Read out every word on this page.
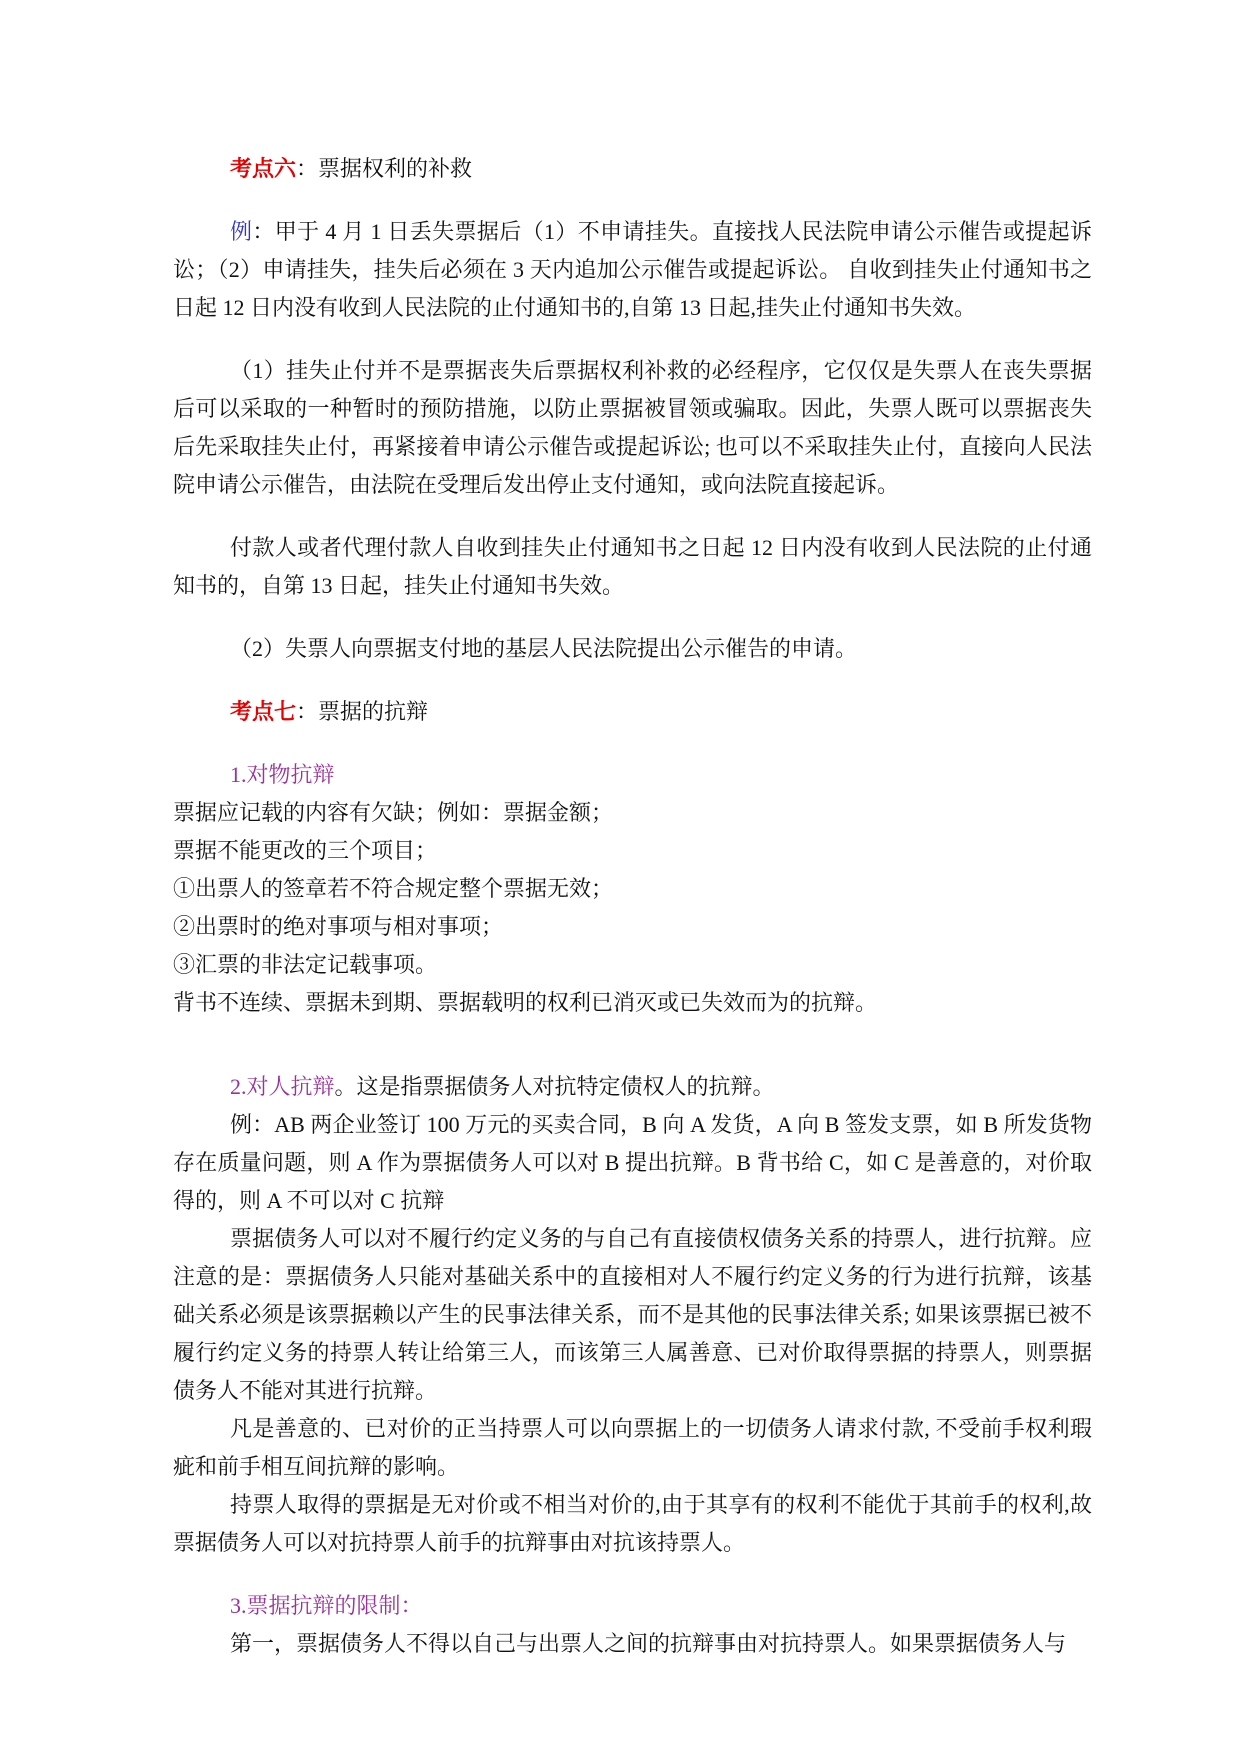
考点六：票据权利的补救

例：甲于 4 月 1 日丢失票据后（1）不申请挂失。直接找人民法院申请公示催告或提起诉讼；（2）申请挂失，挂失后必须在 3 天内追加公示催告或提起诉讼。 自收到挂失止付通知书之日起 12 日内没有收到人民法院的止付通知书的,自第 13 日起,挂失止付通知书失效。

（1）挂失止付并不是票据丧失后票据权利补救的必经程序，它仅仅是失票人在丧失票据后可以采取的一种暂时的预防措施，以防止票据被冒领或骗取。因此，失票人既可以票据丧失后先采取挂失止付，再紧接着申请公示催告或提起诉讼; 也可以不采取挂失止付，直接向人民法院申请公示催告，由法院在受理后发出停止支付通知，或向法院直接起诉。

付款人或者代理付款人自收到挂失止付通知书之日起 12 日内没有收到人民法院的止付通知书的，自第 13 日起，挂失止付通知书失效。

（2）失票人向票据支付地的基层人民法院提出公示催告的申请。

考点七：票据的抗辩

1.对物抗辩

票据应记载的内容有欠缺；例如：票据金额；

票据不能更改的三个项目；

①出票人的签章若不符合规定整个票据无效；

②出票时的绝对事项与相对事项；

③汇票的非法定记载事项。

背书不连续、票据未到期、票据载明的权利已消灭或已失效而为的抗辩。

2.对人抗辩。这是指票据债务人对抗特定债权人的抗辩。

例：AB 两企业签订 100 万元的买卖合同，B 向 A 发货，A 向 B 签发支票，如 B 所发货物存在质量问题，则 A 作为票据债务人可以对 B 提出抗辩。B 背书给 C，如 C 是善意的，对价取得的，则 A 不可以对 C 抗辩

票据债务人可以对不履行约定义务的与自己有直接债权债务关系的持票人，进行抗辩。应注意的是：票据债务人只能对基础关系中的直接相对人不履行约定义务的行为进行抗辩，该基础关系必须是该票据赖以产生的民事法律关系，而不是其他的民事法律关系; 如果该票据已被不履行约定义务的持票人转让给第三人，而该第三人属善意、已对价取得票据的持票人，则票据债务人不能对其进行抗辩。

凡是善意的、已对价的正当持票人可以向票据上的一切债务人请求付款, 不受前手权利瑕疵和前手相互间抗辩的影响。

持票人取得的票据是无对价或不相当对价的,由于其享有的权利不能优于其前手的权利,故票据债务人可以对抗持票人前手的抗辩事由对抗该持票人。

3.票据抗辩的限制：

第一，票据债务人不得以自己与出票人之间的抗辩事由对抗持票人。如果票据债务人与
